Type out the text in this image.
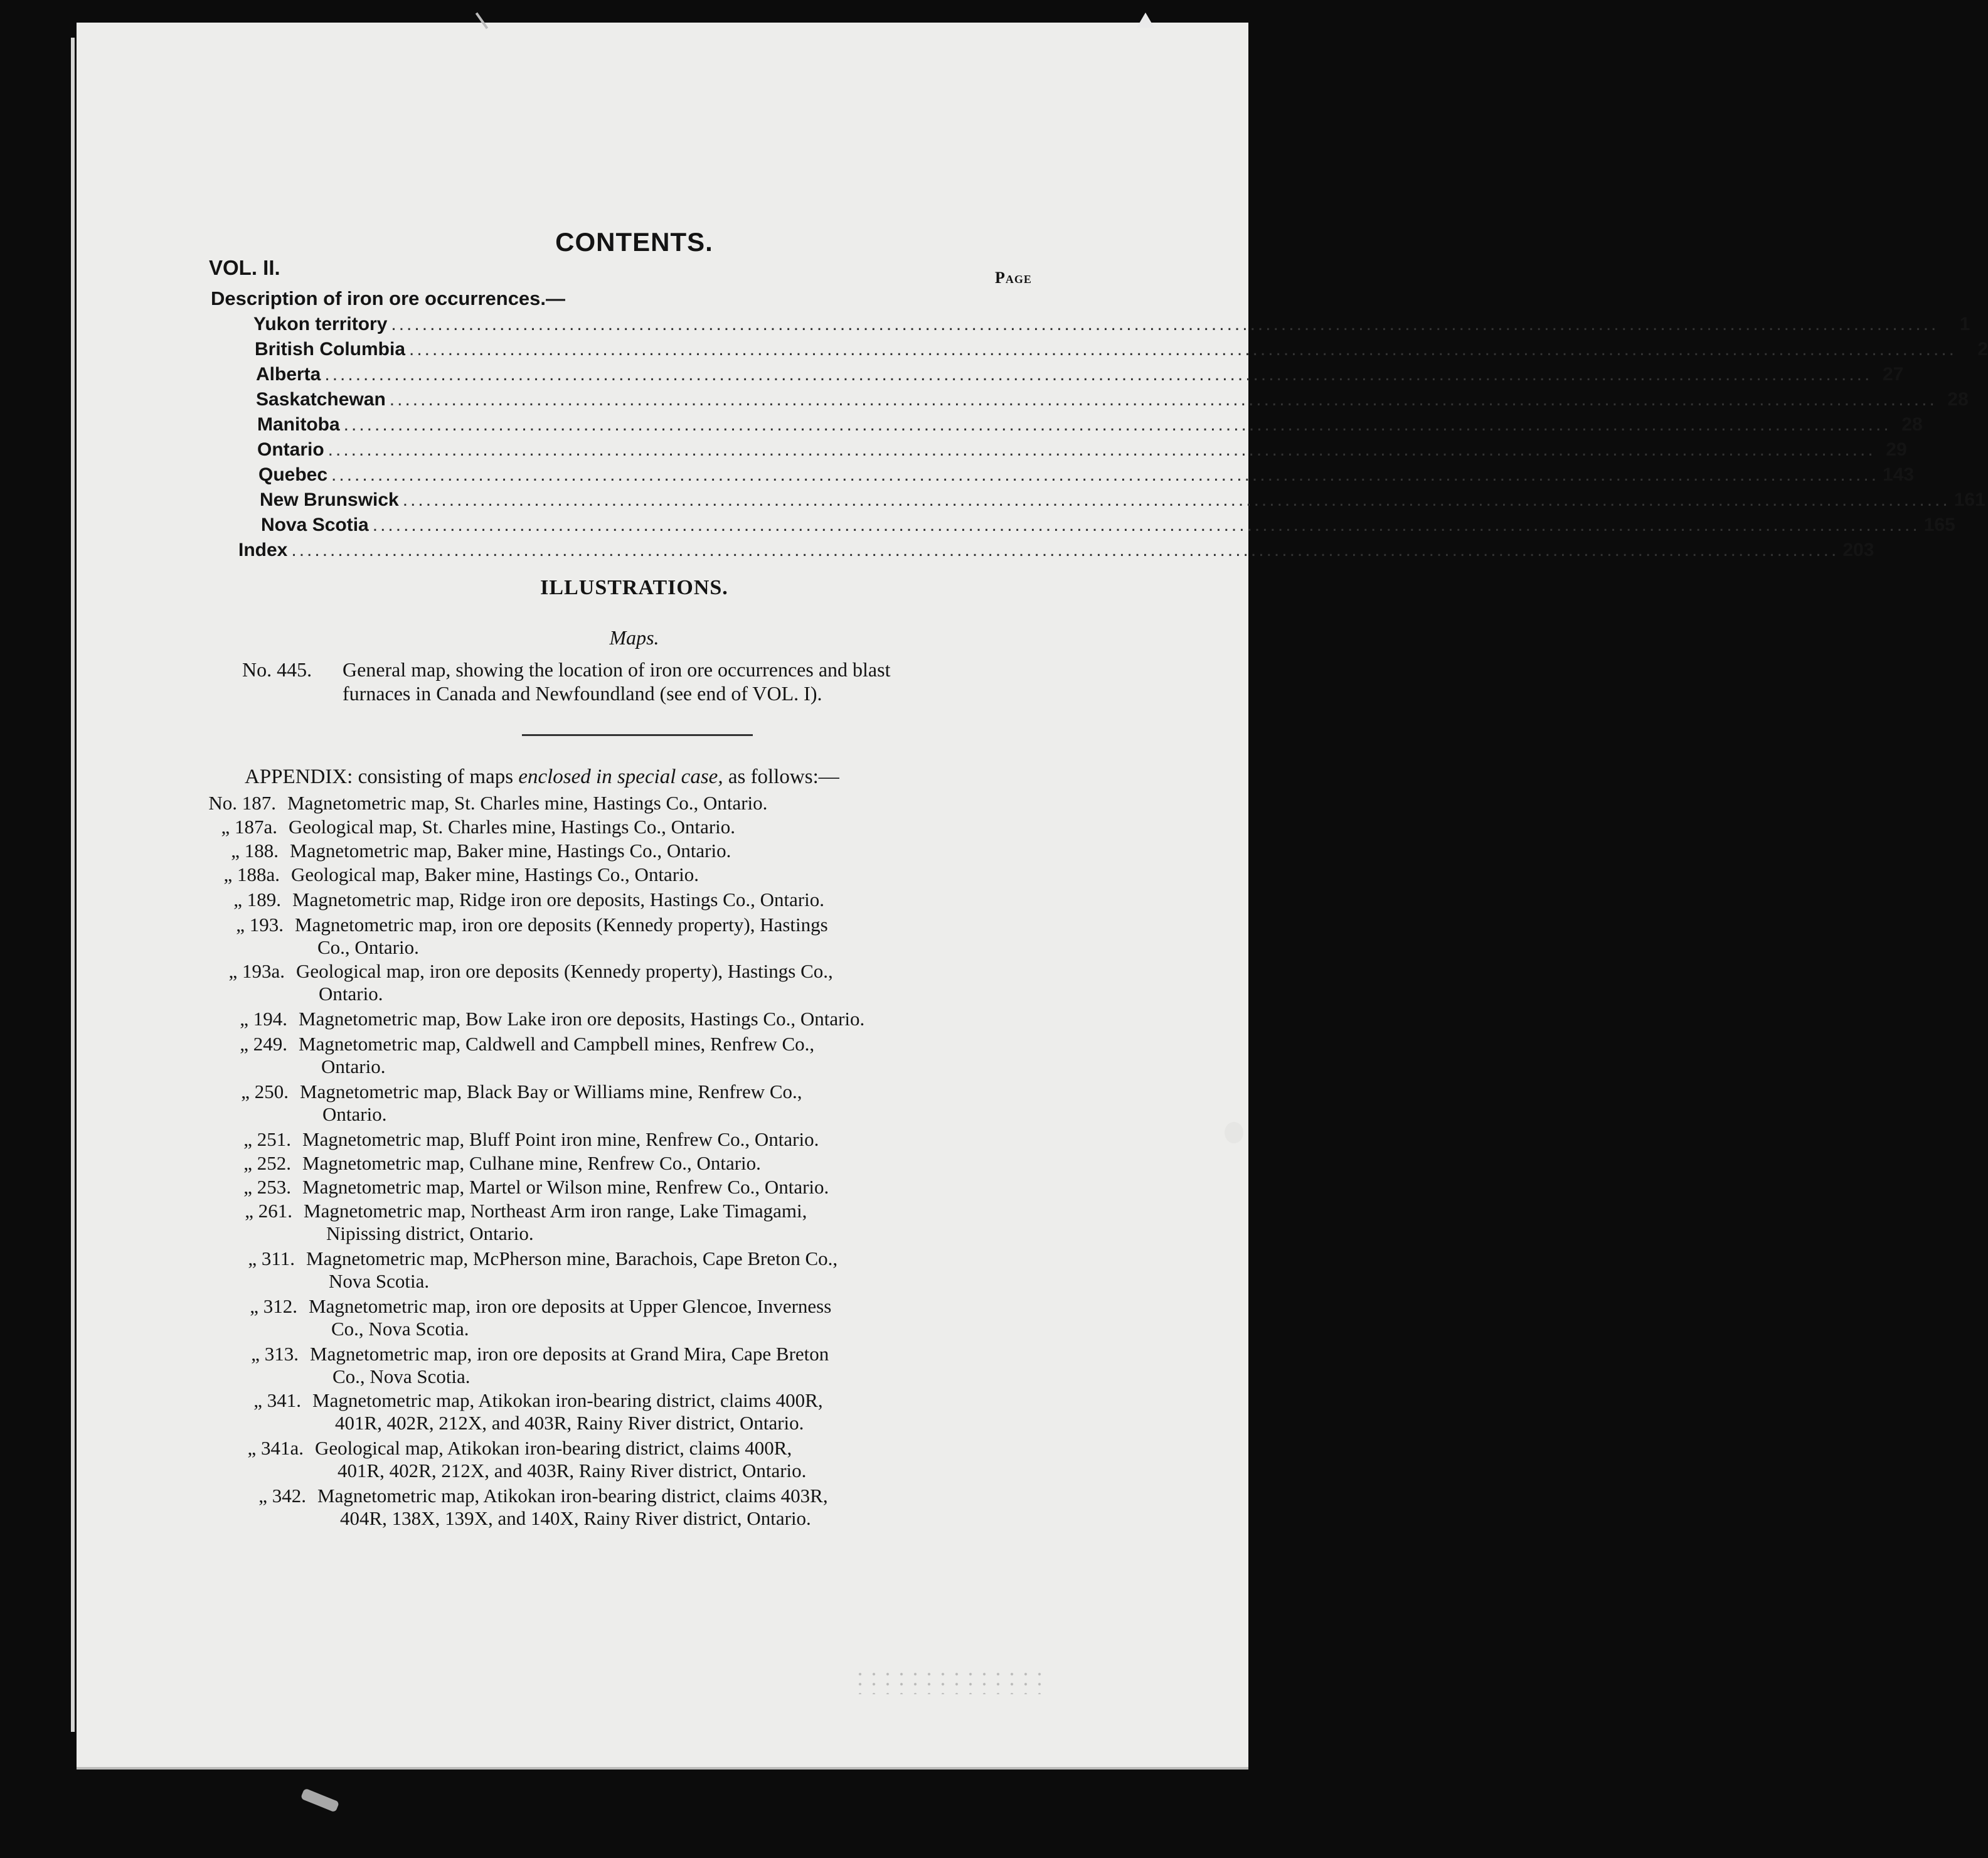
CONTENTS.
VOL. II.	Page
Description of iron ore occurrences.—
Yukon territory ........................................................................................................................................................................................................	1
British Columbia ........................................................................................................................................................................................................	2
Alberta ........................................................................................................................................................................................................ 27
Saskatchewan ........................................................................................................................................................................................................ 28
Manitoba ........................................................................................................................................................................................................ 28
Ontario ........................................................................................................................................................................................................ 29
Quebec ........................................................................................................................................................................................................ 143
New Brunswick ........................................................................................................................................................................................................ 161
Nova Scotia ........................................................................................................................................................................................................ 165
Index ........................................................................................................................................................................................................ 203
ILLUSTRATIONS.
Maps.
No. 445. General map, showing the location of iron ore occurrences and blast
furnaces in Canada and Newfoundland (see end of VOL. I).
APPENDIX: consisting of maps enclosed in special case, as follows:—
No. 187. Magnetometric map, St. Charles mine, Hastings Co., Ontario.
„ 187a. Geological map, St. Charles mine, Hastings Co., Ontario.
„ 188. Magnetometric map, Baker mine, Hastings Co., Ontario.
„ 188a. Geological map, Baker mine, Hastings Co., Ontario.
„ 189. Magnetometric map, Ridge iron ore deposits, Hastings Co., Ontario.
„ 193. Magnetometric map, iron ore deposits (Kennedy property), Hastings
Co., Ontario.
„ 193a. Geological map, iron ore deposits (Kennedy property), Hastings Co.,
Ontario.
„ 194. Magnetometric map, Bow Lake iron ore deposits, Hastings Co., Ontario.
„ 249. Magnetometric map, Caldwell and Campbell mines, Renfrew Co.,
Ontario.
„ 250. Magnetometric map, Black Bay or Williams mine, Renfrew Co.,
Ontario.
„ 251. Magnetometric map, Bluff Point iron mine, Renfrew Co., Ontario.
„ 252. Magnetometric map, Culhane mine, Renfrew Co., Ontario.
„ 253. Magnetometric map, Martel or Wilson mine, Renfrew Co., Ontario.
„ 261. Magnetometric map, Northeast Arm iron range, Lake Timagami,
Nipissing district, Ontario.
„ 311. Magnetometric map, McPherson mine, Barachois, Cape Breton Co.,
Nova Scotia.
„ 312. Magnetometric map, iron ore deposits at Upper Glencoe, Inverness
Co., Nova Scotia.
„ 313. Magnetometric map, iron ore deposits at Grand Mira, Cape Breton
Co., Nova Scotia.
„ 341. Magnetometric map, Atikokan iron-bearing district, claims 400R,
401R, 402R, 212X, and 403R, Rainy River district, Ontario.
„ 341a. Geological map, Atikokan iron-bearing district, claims 400R,
401R, 402R, 212X, and 403R, Rainy River district, Ontario.
„ 342. Magnetometric map, Atikokan iron-bearing district, claims 403R,
404R, 138X, 139X, and 140X, Rainy River district, Ontario.
